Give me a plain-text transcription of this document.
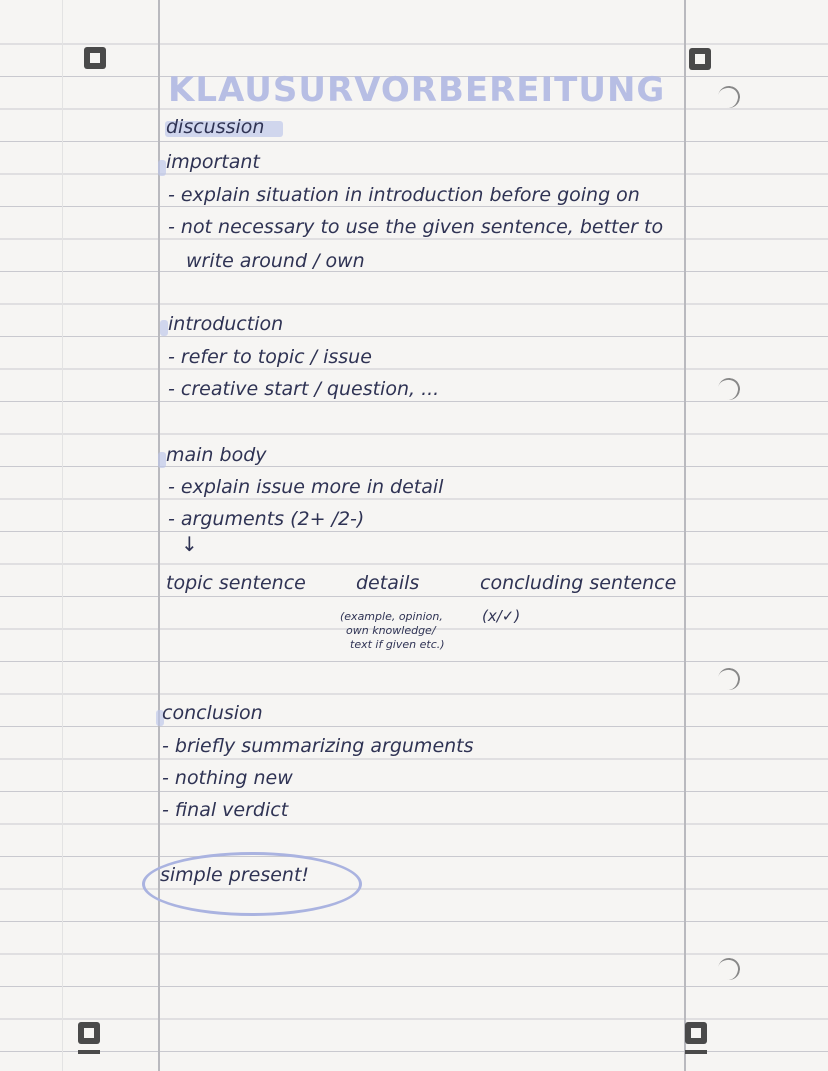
KLAUSURVORBEREITUNG
discussion
important
- explain situation in introduction before going on
- not necessary to use the given sentence, better to
write around / own
introduction
- refer to topic / issue
- creative start / question, ...
main body
- explain issue more in detail
- arguments (2+ /2-)
↓
topic sentence	details	concluding sentence
(example, opinion,
own knowledge/
text if given etc.)
(x/✓)
conclusion
- briefly summarizing arguments
- nothing new
- final verdict
simple present!
